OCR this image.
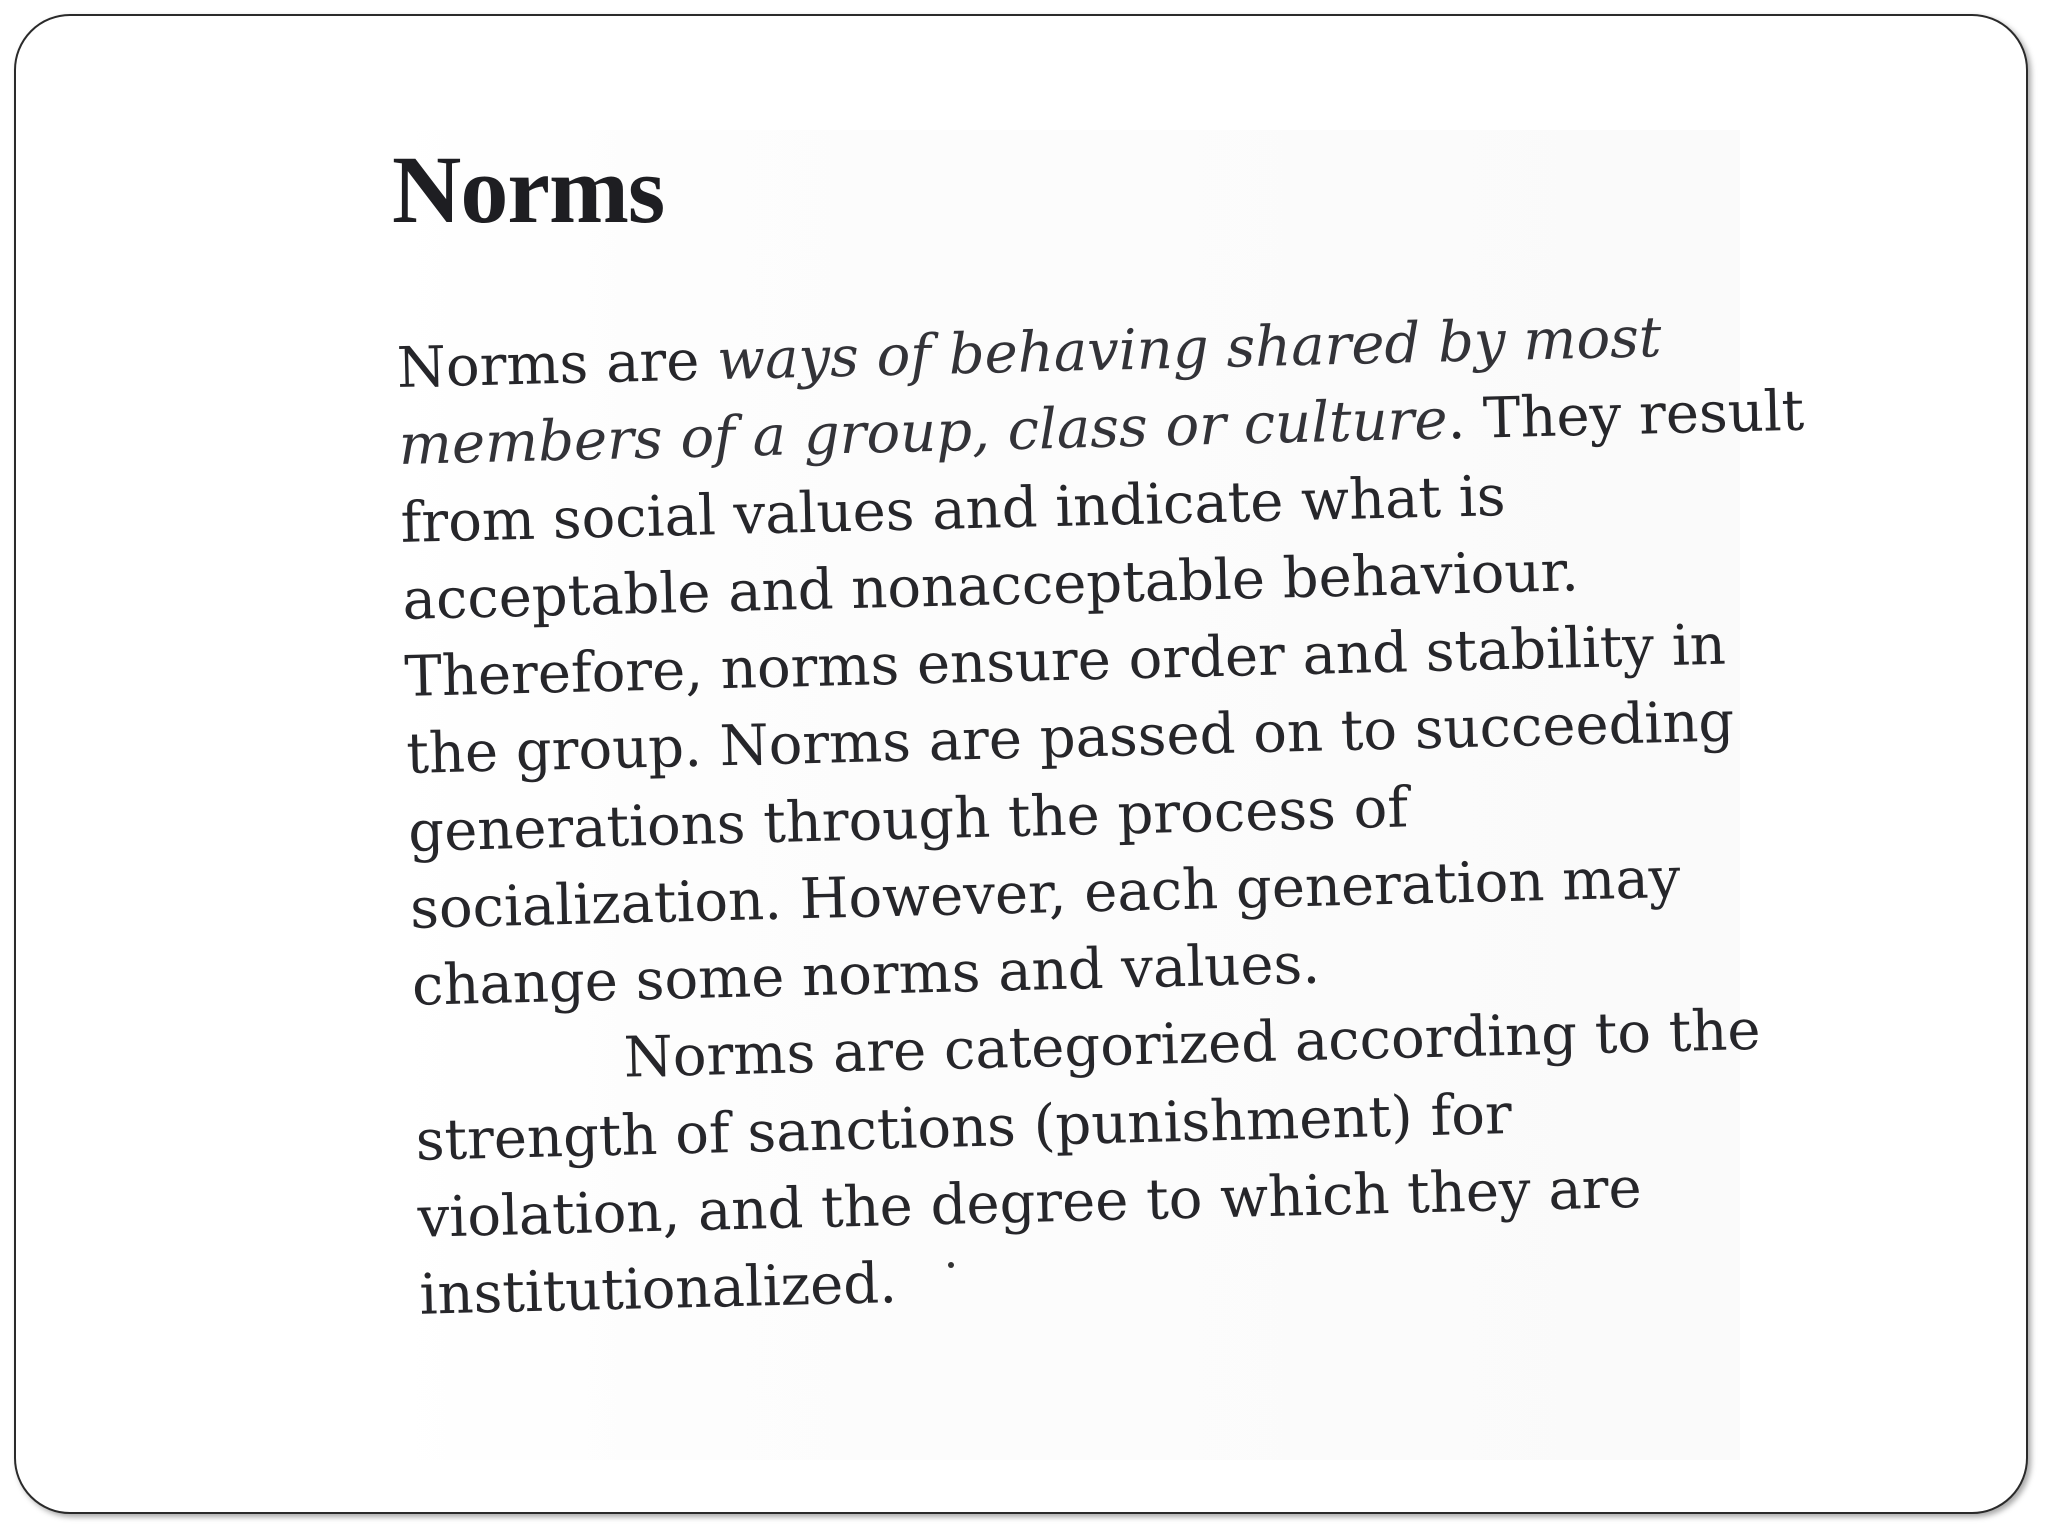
Norms

Norms are ways of behaving shared by most

members of a group, class or culture. They result

from social values and indicate what is

acceptable and nonacceptable behaviour.

Therefore, norms ensure order and stability in

the group. Norms are passed on to succeeding

generations through the process of

socialization. However, each generation may

change some norms and values.

Norms are categorized according to the

strength of sanctions (punishment) for

violation, and the degree to which they are

institutionalized.
